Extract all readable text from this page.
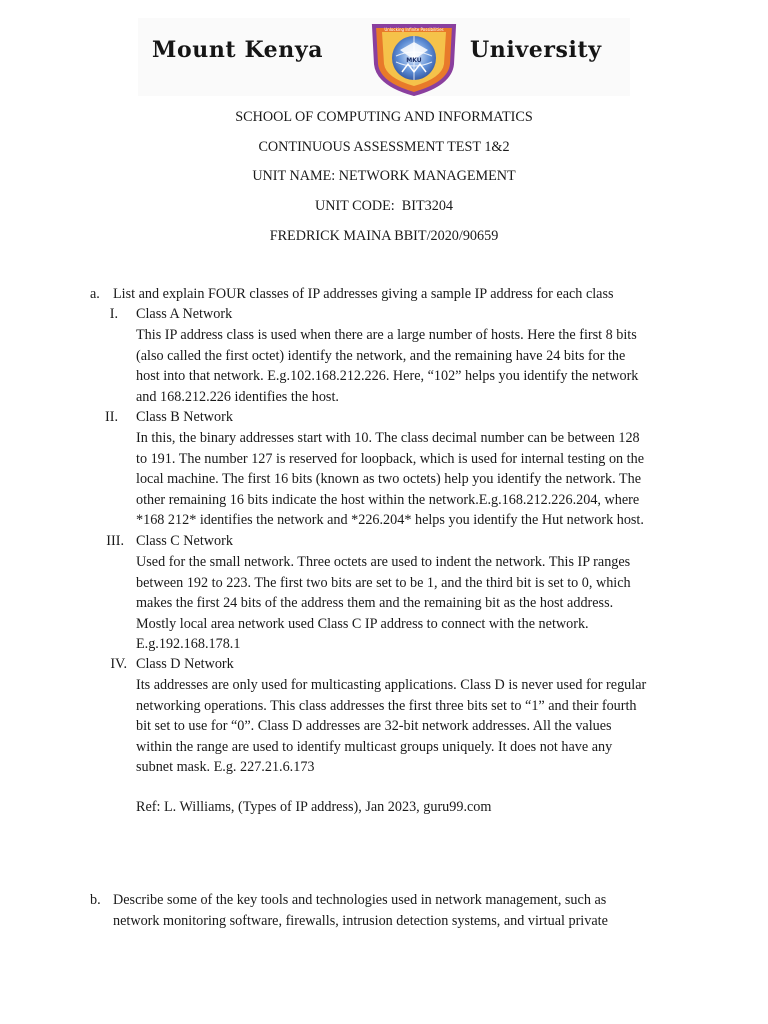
Mount Kenya
Unlocking Infinite Possibilities
MKU University
SCHOOL OF COMPUTING AND INFORMATICS
CONTINUOUS ASSESSMENT TEST 1&2
UNIT NAME: NETWORK MANAGEMENT
UNIT CODE:  BIT3204
FREDRICK MAINA BBIT/2020/90659
a. List and explain FOUR classes of IP addresses giving a sample IP address for each class
I. Class A Network
This IP address class is used when there are a large number of hosts. Here the first 8 bits
(also called the first octet) identify the network, and the remaining have 24 bits for the
host into that network. E.g.102.168.212.226. Here, “102” helps you identify the network
and 168.212.226 identifies the host.
II. Class B Network
In this, the binary addresses start with 10. The class decimal number can be between 128
to 191. The number 127 is reserved for loopback, which is used for internal testing on the
local machine. The first 16 bits (known as two octets) help you identify the network. The
other remaining 16 bits indicate the host within the network.E.g.168.212.226.204, where
*168 212* identifies the network and *226.204* helps you identify the Hut network host.
III. Class C Network
Used for the small network. Three octets are used to indent the network. This IP ranges
between 192 to 223. The first two bits are set to be 1, and the third bit is set to 0, which
makes the first 24 bits of the address them and the remaining bit as the host address.
Mostly local area network used Class C IP address to connect with the network.
E.g.192.168.178.1
IV. Class D Network
Its addresses are only used for multicasting applications. Class D is never used for regular
networking operations. This class addresses the first three bits set to “1” and their fourth
bit set to use for “0”. Class D addresses are 32-bit network addresses. All the values
within the range are used to identify multicast groups uniquely. It does not have any
subnet mask. E.g. 227.21.6.173
Ref: L. Williams, (Types of IP address), Jan 2023, guru99.com
b. Describe some of the key tools and technologies used in network management, such as
network monitoring software, firewalls, intrusion detection systems, and virtual private
